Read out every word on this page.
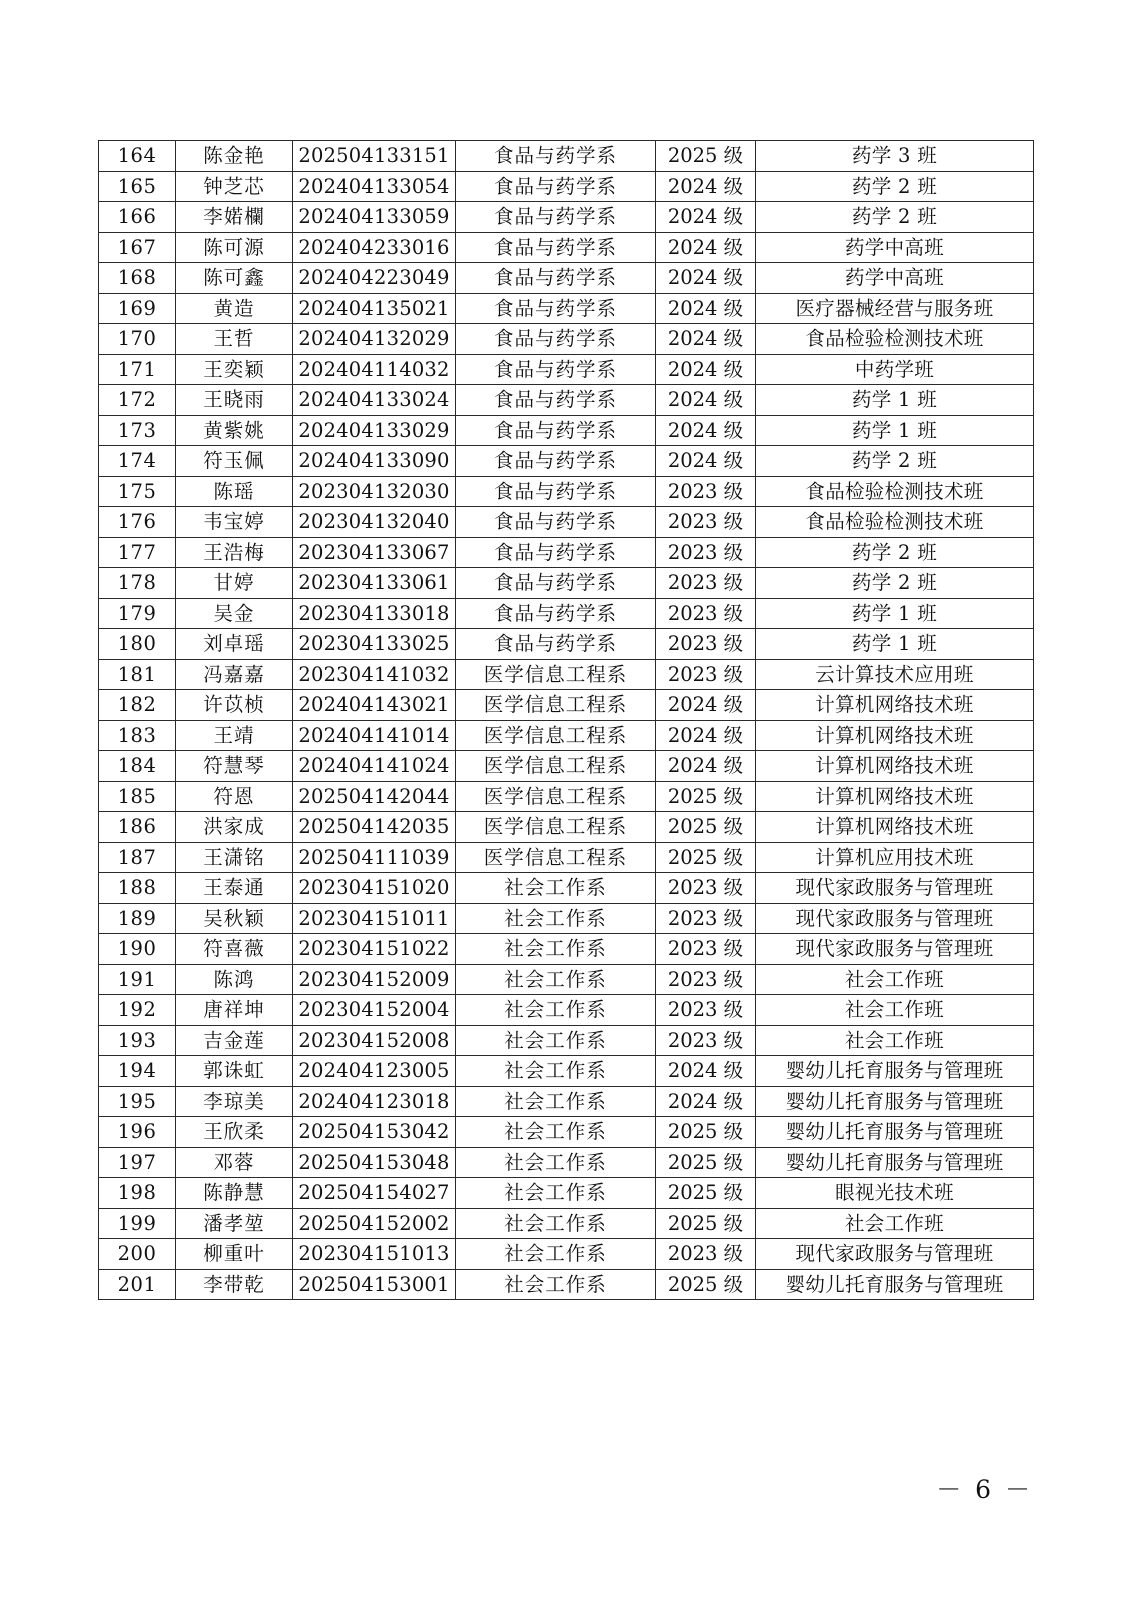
164	陈金艳	202504133151	食品与药学系	2025 级	药学 3 班
165	钟芝芯	202404133054	食品与药学系	2024 级	药学 2 班
166	李婼欄	202404133059	食品与药学系	2024 级	药学 2 班
167	陈可源	202404233016	食品与药学系	2024 级	药学中高班
168	陈可鑫	202404223049	食品与药学系	2024 级	药学中高班
169	黄造	202404135021	食品与药学系	2024 级	医疗器械经营与服务班
170	王哲	202404132029	食品与药学系	2024 级	食品检验检测技术班
171	王奕颖	202404114032	食品与药学系	2024 级	中药学班
172	王晓雨	202404133024	食品与药学系	2024 级	药学 1 班
173	黄紫姚	202404133029	食品与药学系	2024 级	药学 1 班
174	符玉佩	202404133090	食品与药学系	2024 级	药学 2 班
175	陈瑶	202304132030	食品与药学系	2023 级	食品检验检测技术班
176	韦宝婷	202304132040	食品与药学系	2023 级	食品检验检测技术班
177	王浩梅	202304133067	食品与药学系	2023 级	药学 2 班
178	甘婷	202304133061	食品与药学系	2023 级	药学 2 班
179	吴金	202304133018	食品与药学系	2023 级	药学 1 班
180	刘卓瑶	202304133025	食品与药学系	2023 级	药学 1 班
181	冯嘉嘉	202304141032	医学信息工程系	2023 级	云计算技术应用班
182	许苡桢	202404143021	医学信息工程系	2024 级	计算机网络技术班
183	王靖	202404141014	医学信息工程系	2024 级	计算机网络技术班
184	符慧琴	202404141024	医学信息工程系	2024 级	计算机网络技术班
185	符恩	202504142044	医学信息工程系	2025 级	计算机网络技术班
186	洪家成	202504142035	医学信息工程系	2025 级	计算机网络技术班
187	王潇铭	202504111039	医学信息工程系	2025 级	计算机应用技术班
188	王泰通	202304151020	社会工作系	2023 级	现代家政服务与管理班
189	吴秋颖	202304151011	社会工作系	2023 级	现代家政服务与管理班
190	符喜薇	202304151022	社会工作系	2023 级	现代家政服务与管理班
191	陈鸿	202304152009	社会工作系	2023 级	社会工作班
192	唐祥坤	202304152004	社会工作系	2023 级	社会工作班
193	吉金莲	202304152008	社会工作系	2023 级	社会工作班
194	郭诛虹	202404123005	社会工作系	2024 级	婴幼儿托育服务与管理班
195	李琼美	202404123018	社会工作系	2024 级	婴幼儿托育服务与管理班
196	王欣柔	202504153042	社会工作系	2025 级	婴幼儿托育服务与管理班
197	邓蓉	202504153048	社会工作系	2025 级	婴幼儿托育服务与管理班
198	陈静慧	202504154027	社会工作系	2025 级	眼视光技术班
199	潘孝堃	202504152002	社会工作系	2025 级	社会工作班
200	柳重叶	202304151013	社会工作系	2023 级	现代家政服务与管理班
201	李带乾	202504153001	社会工作系	2025 级	婴幼儿托育服务与管理班
－ 6 －
